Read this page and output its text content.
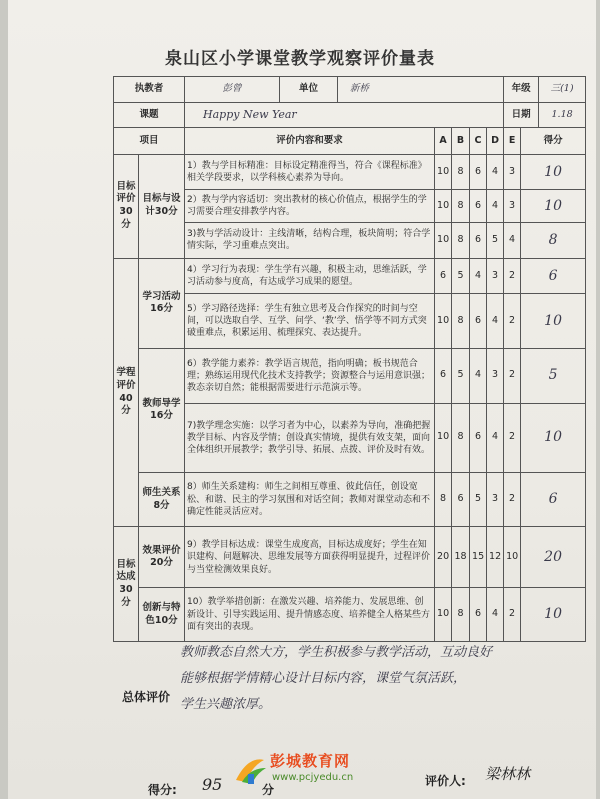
泉山区小学课堂教学观察评价量表
执教者		彭曾	单位	新桥					年级		三(1)
课题		Happy New Year							日期		1.18
项目		评价内容和要求			A	B	C	D	E	得分	
目标评价30分	目标与设计30分	1）教与学目标精准：目标设定精准得当，符合《课程标准》相关学段要求，以学科核心素养为导向。			10	8	6	4	3	10	
		2）教与学内容适切：突出教材的核心价值点，根据学生的学习需要合理安排教学内容。			10	8	6	4	3	10	
		3)教与学活动设计：主线清晰，结构合理，板块简明；符合学情实际，学习重难点突出。			10	8	6	5	4	8	
学程评价40分	学习活动16分	4）学习行为表现：学生学有兴趣，积极主动，思维活跃，学习活动参与度高，有达成学习成果的愿望。			6	5	4	3	2	6	
		5）学习路径选择：学生有独立思考及合作探究的时间与空间，可以选取自学、互学、问学、‘教’学、悟学等不同方式突破重难点，积累运用、梳理探究、表达提升。			10	8	6	4	2	10	
	教师导学16分	6）教学能力素养：教学语言规范，指向明确；板书规范合理；熟练运用现代化技术支持教学；资源整合与运用意识强；教态亲切自然；能根据需要进行示范演示等。			6	5	4	3	2	5	
		7)教学理念实施：以学习者为中心，以素养为导向，准确把握教学目标、内容及学情；创设真实情境，提供有效支架，面向全体组织开展教学；教学引导、拓展、点拨、评价及时有效。			10	8	6	4	2	10	
	师生关系8分	8）师生关系建构：师生之间相互尊重、彼此信任，创设宽松、和谐、民主的学习氛围和对话空间；教师对课堂动态和不确定性能灵活应对。			8	6	5	3	2	6	
目标达成30分	效果评价20分	9）教学目标达成：课堂生成度高，目标达成度好；学生在知识建构、问题解决、思维发展等方面获得明显提升，过程评价与当堂检测效果良好。			20	18	15	12	10	20	
	创新与特色10分	10）教学举措创新：在激发兴趣、培养能力、发展思维、创新设计、引导实践运用、提升情感态度、培养健全人格某些方面有突出的表现。			10	8	6	4	2	10	
总体评价
教师教态自然大方，学生积极参与教学活动，互动良好
能够根据学情精心设计目标内容，课堂气氛活跃，
学生兴趣浓厚。
得分: 95	分
评价人: 梁林林
彭城教育网
www.pcjyedu.cn
